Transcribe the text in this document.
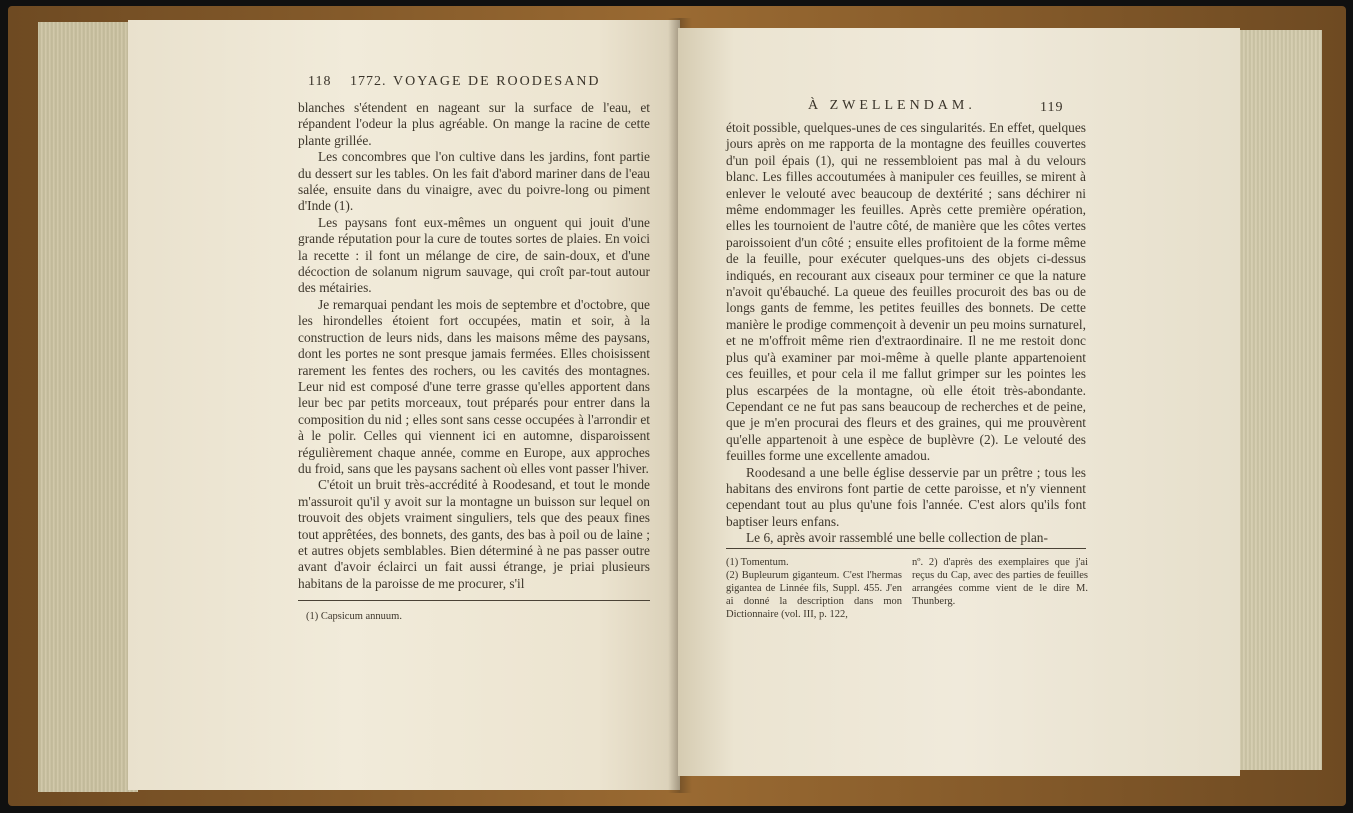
118 1772. VOYAGE DE ROODESAND

blanches s'étendent en nageant sur la surface de l'eau, et répandent l'odeur la plus agréable. On mange la racine de cette plante grillée.

Les concombres que l'on cultive dans les jardins, font partie du dessert sur les tables. On les fait d'abord mariner dans de l'eau salée, ensuite dans du vinaigre, avec du poivre-long ou piment d'Inde (1).

Les paysans font eux-mêmes un onguent qui jouit d'une grande réputation pour la cure de toutes sortes de plaies. En voici la recette : il font un mélange de cire, de sain-doux, et d'une décoction de solanum nigrum sauvage, qui croît par-tout autour des métairies.

Je remarquai pendant les mois de septembre et d'octobre, que les hirondelles étoient fort occupées, matin et soir, à la construction de leurs nids, dans les maisons même des paysans, dont les portes ne sont presque jamais fermées. Elles choisissent rarement les fentes des rochers, ou les cavités des montagnes. Leur nid est composé d'une terre grasse qu'elles apportent dans leur bec par petits morceaux, tout préparés pour entrer dans la composition du nid ; elles sont sans cesse occupées à l'arrondir et à le polir. Celles qui viennent ici en automne, disparoissent régulièrement chaque année, comme en Europe, aux approches du froid, sans que les paysans sachent où elles vont passer l'hiver.

C'étoit un bruit très-accrédité à Roodesand, et tout le monde m'assuroit qu'il y avoit sur la montagne un buisson sur lequel on trouvoit des objets vraiment singuliers, tels que des peaux fines tout apprêtées, des bonnets, des gants, des bas à poil ou de laine ; et autres objets semblables. Bien déterminé à ne pas passer outre avant d'avoir éclairci un fait aussi étrange, je priai plusieurs habitans de la paroisse de me procurer, s'il

(1) Capsicum annuum.

À ZWELLENDAM.	119

étoit possible, quelques-unes de ces singularités. En effet, quelques jours après on me rapporta de la montagne des feuilles couvertes d'un poil épais (1), qui ne ressembloient pas mal à du velours blanc. Les filles accoutumées à manipuler ces feuilles, se mirent à enlever le velouté avec beaucoup de dextérité ; sans déchirer ni même endommager les feuilles. Après cette première opération, elles les tournoient de l'autre côté, de manière que les côtes vertes paroissoient d'un côté ; ensuite elles profitoient de la forme même de la feuille, pour exécuter quelques-uns des objets ci-dessus indiqués, en recourant aux ciseaux pour terminer ce que la nature n'avoit qu'ébauché. La queue des feuilles procuroit des bas ou de longs gants de femme, les petites feuilles des bonnets. De cette manière le prodige commençoit à devenir un peu moins surnaturel, et ne m'offroit même rien d'extraordinaire. Il ne me restoit donc plus qu'à examiner par moi-même à quelle plante appartenoient ces feuilles, et pour cela il me fallut grimper sur les pointes les plus escarpées de la montagne, où elle étoit très-abondante. Cependant ce ne fut pas sans beaucoup de recherches et de peine, que je m'en procurai des fleurs et des graines, qui me prouvèrent qu'elle appartenoit à une espèce de buplèvre (2). Le velouté des feuilles forme une excellente amadou.

Roodesand a une belle église desservie par un prêtre ; tous les habitans des environs font partie de cette paroisse, et n'y viennent cependant tout au plus qu'une fois l'année. C'est alors qu'ils font baptiser leurs enfans.

Le 6, après avoir rassemblé une belle collection de plan-

(1) Tomentum.

(2) Bupleurum giganteum. C'est l'hermas gigantea de Linnée fils, Suppl. 455. J'en ai donné la description dans mon Dictionnaire (vol. III, p. 122,

nº. 2) d'après des exemplaires que j'ai reçus du Cap, avec des parties de feuilles arrangées comme vient de le dire M. Thunberg.
